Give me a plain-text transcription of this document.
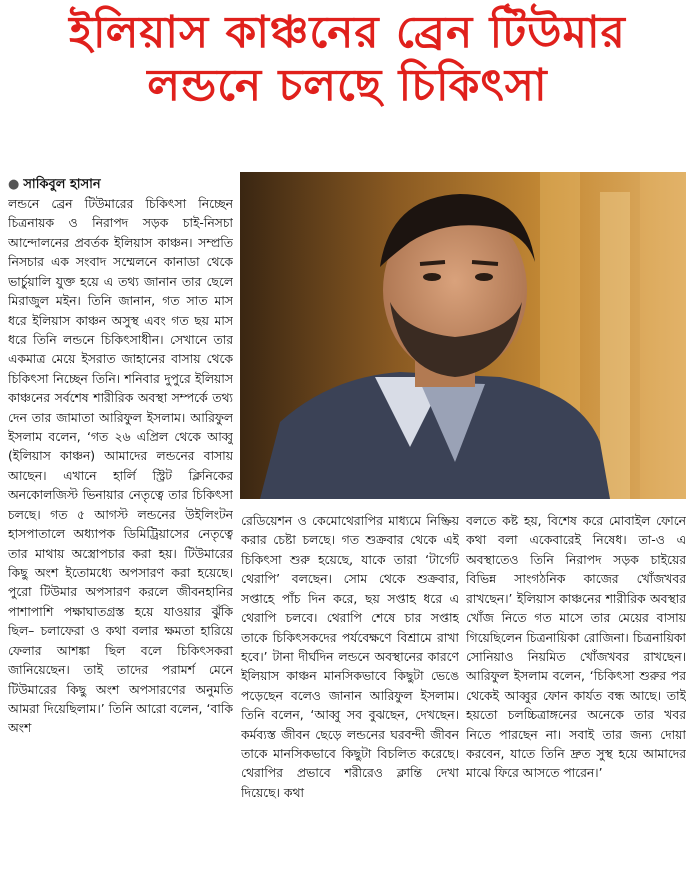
ইলিয়াস কাঞ্চনের ব্রেন টিউমার
লন্ডনে চলছে চিকিৎসা
● সাকিবুল হাসান

লন্ডনে ব্রেন টিউমারের চিকিৎসা নিচ্ছেন চিত্রনায়ক ও নিরাপদ সড়ক চাই-নিসচা আন্দোলনের প্রবর্তক ইলিয়াস কাঞ্চন। সম্প্রতি নিসচার এক সংবাদ সম্মেলনে কানাডা থেকে ভার্চুয়ালি যুক্ত হয়ে এ তথ্য জানান তার ছেলে মিরাজুল মইন। তিনি জানান, গত সাত মাস ধরে ইলিয়াস কাঞ্চন অসুস্থ এবং গত ছয় মাস ধরে তিনি লন্ডনে চিকিৎসাধীন। সেখানে তার একমাত্র মেয়ে ইসরাত জাহানের বাসায় থেকে চিকিৎসা নিচ্ছেন তিনি। শনিবার দুপুরে ইলিয়াস কাঞ্চনের সর্বশেষ শারীরিক অবস্থা সম্পর্কে তথ্য দেন তার জামাতা আরিফুল ইসলাম। আরিফুল ইসলাম বলেন, ‘গত ২৬ এপ্রিল থেকে আব্বু (ইলিয়াস কাঞ্চন) আমাদের লন্ডনের বাসায় আছেন। এখানে হার্লি স্ট্রিট ক্লিনিকের অনকোলজিস্ট ভিনায়ার নেতৃত্বে তার চিকিৎসা চলছে। গত ৫ আগস্ট লন্ডনের উইলিংটন হাসপাতালে অধ্যাপক ডিমিট্রিয়াসের নেতৃত্বে তার মাথায় অস্ত্রোপচার করা হয়। টিউমারের কিছু অংশ ইতোমধ্যে অপসারণ করা হয়েছে। পুরো টিউমার অপসারণ করলে জীবনহানির পাশাপাশি পক্ষাঘাতগ্রস্ত হয়ে যাওয়ার ঝুঁকি ছিল– চলাফেরা ও কথা বলার ক্ষমতা হারিয়ে ফেলার আশঙ্কা ছিল বলে চিকিৎসকরা জানিয়েছেন। তাই তাদের পরামর্শ মেনে টিউমারের কিছু অংশ অপসারণের অনুমতি আমরা দিয়েছিলাম।’ তিনি আরো বলেন, ‘বাকি অংশ

রেডিয়েশন ও কেমোথেরাপির মাধ্যমে নিষ্ক্রিয় করার চেষ্টা চলছে। গত শুক্রবার থেকে এই চিকিৎসা শুরু হয়েছে, যাকে তারা ‘টার্গেট থেরাপি’ বলছেন। সোম থেকে শুক্রবার, সপ্তাহে পাঁচ দিন করে, ছয় সপ্তাহ ধরে এ থেরাপি চলবে। থেরাপি শেষে চার সপ্তাহ তাকে চিকিৎসকদের পর্যবেক্ষণে বিশ্রামে রাখা হবে।’ টানা দীর্ঘদিন লন্ডনে অবস্থানের কারণে ইলিয়াস কাঞ্চন মানসিকভাবে কিছুটা ভেঙে পড়েছেন বলেও জানান আরিফুল ইসলাম। তিনি বলেন, ‘আব্বু সব বুঝছেন, দেখছেন। কর্মব্যস্ত জীবন ছেড়ে লন্ডনের ঘরবন্দী জীবন তাকে মানসিকভাবে কিছুটা বিচলিত করেছে। থেরাপির প্রভাবে শরীরেও ক্লান্তি দেখা দিয়েছে। কথা

বলতে কষ্ট হয়, বিশেষ করে মোবাইল ফোনে কথা বলা একেবারেই নিষেধ। তা-ও এ অবস্থাতেও তিনি নিরাপদ সড়ক চাইয়ের বিভিন্ন সাংগঠনিক কাজের খোঁজখবর রাখছেন।’ ইলিয়াস কাঞ্চনের শারীরিক অবস্থার খোঁজ নিতে গত মাসে তার মেয়ের বাসায় গিয়েছিলেন চিত্রনায়িকা রোজিনা। চিত্রনায়িকা সোনিয়াও নিয়মিত খোঁজখবর রাখছেন। আরিফুল ইসলাম বলেন, ‘চিকিৎসা শুরুর পর থেকেই আব্বুর ফোন কার্যত বন্ধ আছে। তাই হয়তো চলচ্চিত্রাঙ্গনের অনেকে তার খবর নিতে পারছেন না। সবাই তার জন্য দোয়া করবেন, যাতে তিনি দ্রুত সুস্থ হয়ে আমাদের মাঝে ফিরে আসতে পারেন।’
